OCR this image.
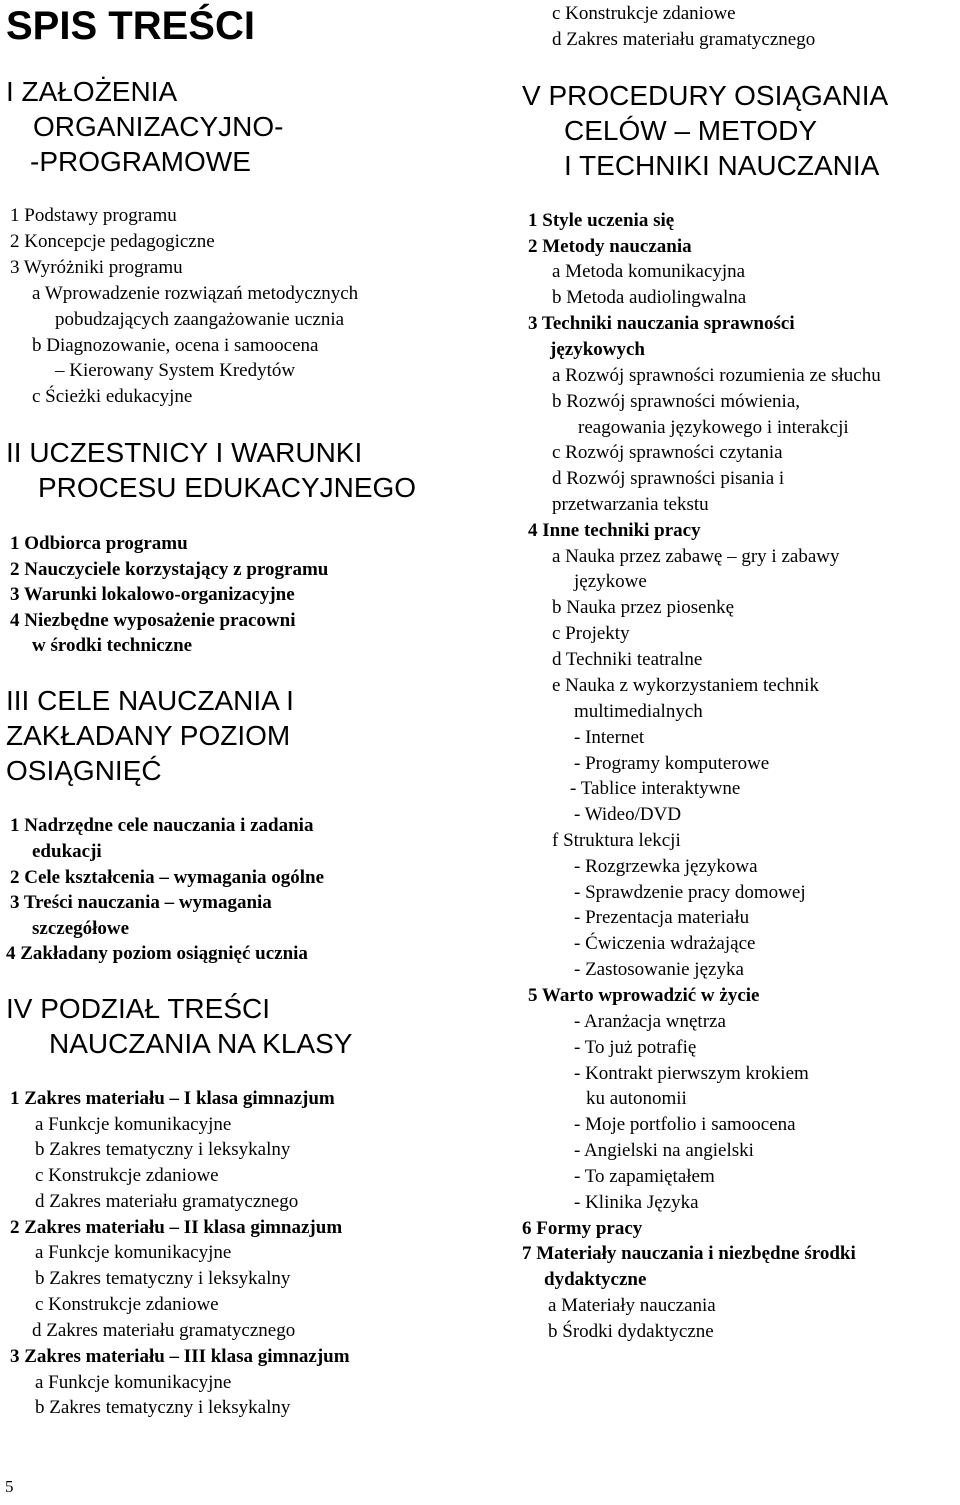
SPIS TREŚCI
I ZAŁOŻENIA
ORGANIZACYJNO-
-PROGRAMOWE
1 Podstawy programu
2 Koncepcje pedagogiczne
3 Wyróżniki programu
a Wprowadzenie rozwiązań metodycznych
pobudzających zaangażowanie ucznia
b Diagnozowanie, ocena i samoocena
– Kierowany System Kredytów
c Ścieżki edukacyjne
II UCZESTNICY I WARUNKI
PROCESU EDUKACYJNEGO
1 Odbiorca programu
2 Nauczyciele korzystający z programu
3 Warunki lokalowo-organizacyjne
4 Niezbędne wyposażenie pracowni
w środki techniczne
III CELE NAUCZANIA I
ZAKŁADANY POZIOM
OSIĄGNIĘĆ
1 Nadrzędne cele nauczania i zadania
edukacji
2 Cele kształcenia – wymagania ogólne
3 Treści nauczania – wymagania
szczegółowe
4 Zakładany poziom osiągnięć ucznia
IV PODZIAŁ TREŚCI
NAUCZANIA NA KLASY
1 Zakres materiału – I klasa gimnazjum
a Funkcje komunikacyjne
b Zakres tematyczny i leksykalny
c Konstrukcje zdaniowe
d Zakres materiału gramatycznego
2 Zakres materiału – II klasa gimnazjum
a Funkcje komunikacyjne
b Zakres tematyczny i leksykalny
c Konstrukcje zdaniowe
d Zakres materiału gramatycznego
3 Zakres materiału – III klasa gimnazjum
a Funkcje komunikacyjne
b Zakres tematyczny i leksykalny
c Konstrukcje zdaniowe
d Zakres materiału gramatycznego
V PROCEDURY OSIĄGANIA
CELÓW – METODY
I TECHNIKI NAUCZANIA
1 Style uczenia się
2 Metody nauczania
a Metoda komunikacyjna
b Metoda audiolingwalna
3 Techniki nauczania sprawności
językowych
a Rozwój sprawności rozumienia ze słuchu
b Rozwój sprawności mówienia,
reagowania językowego i interakcji
c Rozwój sprawności czytania
d Rozwój sprawności pisania i
przetwarzania tekstu
4 Inne techniki pracy
a Nauka przez zabawę – gry i zabawy
językowe
b Nauka przez piosenkę
c Projekty
d Techniki teatralne
e Nauka z wykorzystaniem technik
multimedialnych
- Internet
- Programy komputerowe
- Tablice interaktywne
- Wideo/DVD
f Struktura lekcji
- Rozgrzewka językowa
- Sprawdzenie pracy domowej
- Prezentacja materiału
- Ćwiczenia wdrażające
- Zastosowanie języka
5 Warto wprowadzić w życie
- Aranżacja wnętrza
- To już potrafię
- Kontrakt pierwszym krokiem
ku autonomii
- Moje portfolio i samoocena
- Angielski na angielski
- To zapamiętałem
- Klinika Języka
6 Formy pracy
7 Materiały nauczania i niezbędne środki
dydaktyczne
a Materiały nauczania
b Środki dydaktyczne
5
